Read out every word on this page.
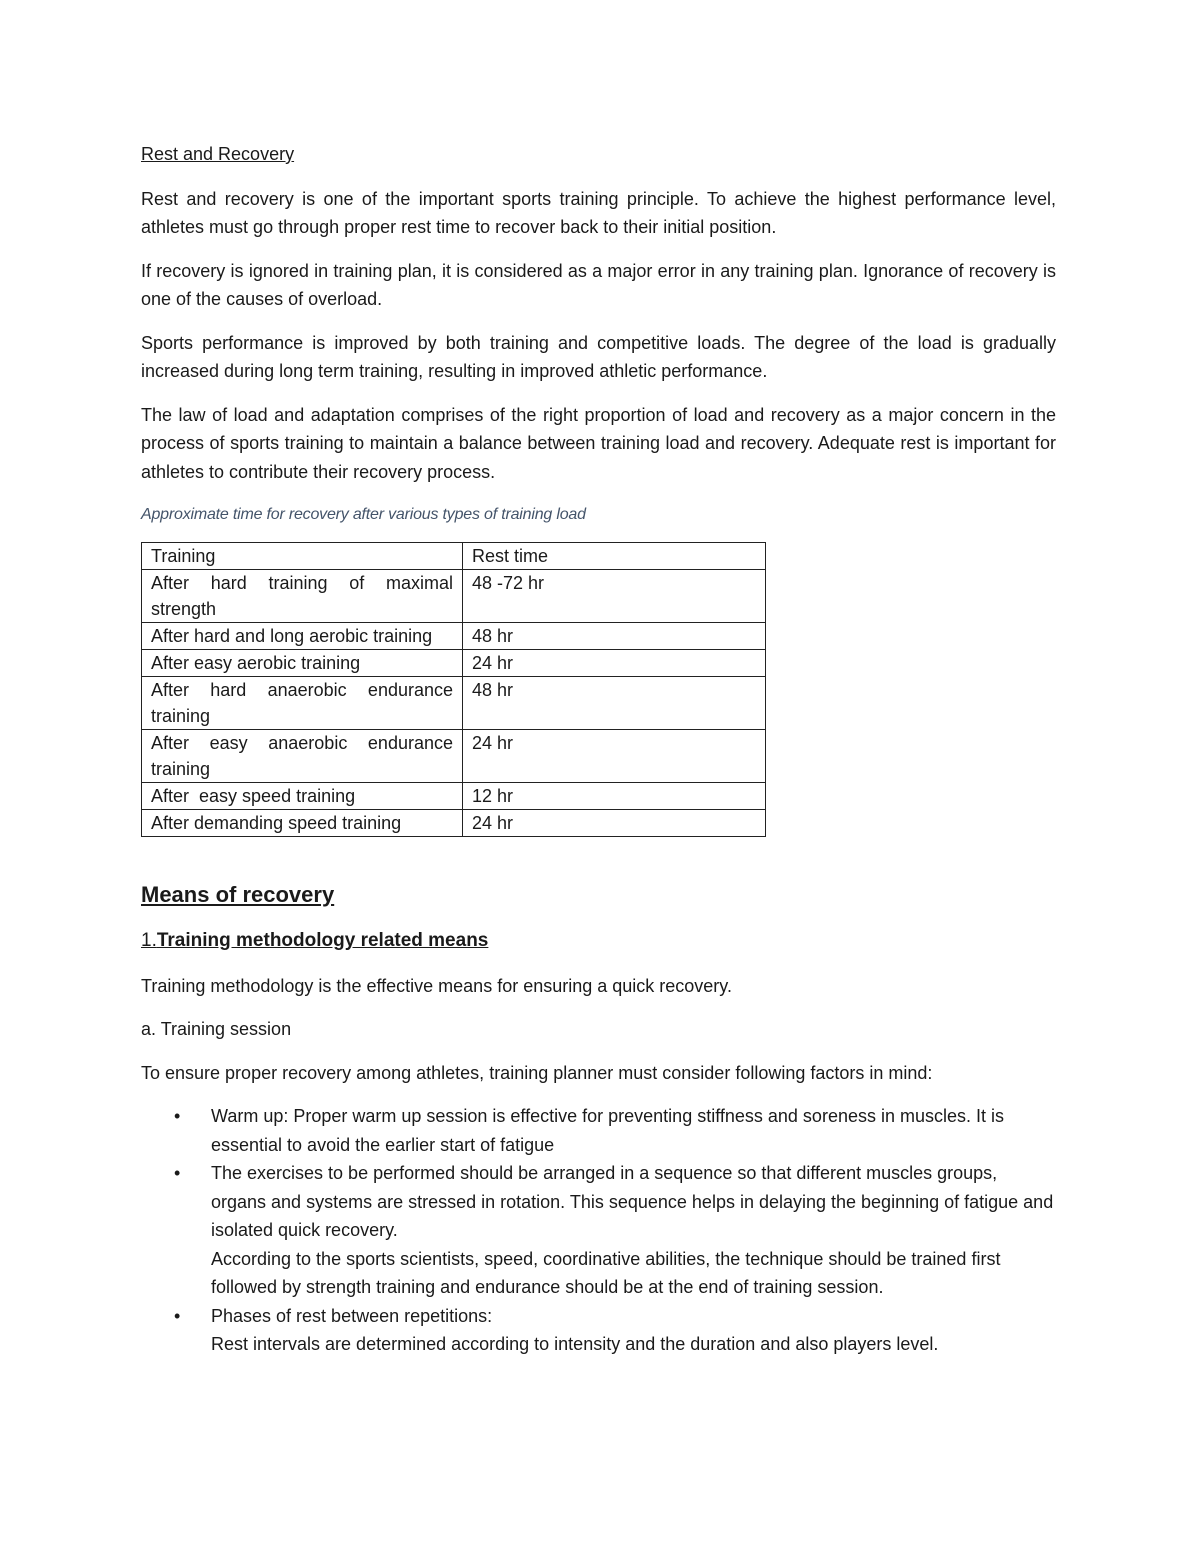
Rest and Recovery

Rest and recovery is one of the important sports training principle. To achieve the highest performance level, athletes must go through proper rest time to recover back to their initial position.

If recovery is ignored in training plan, it is considered as a major error in any training plan. Ignorance of recovery is one of the causes of overload.

Sports performance is improved by both training and competitive loads. The degree of the load is gradually increased during long term training, resulting in improved athletic performance.

The law of load and adaptation comprises of the right proportion of load and recovery as a major concern in the process of sports training to maintain a balance between training load and recovery. Adequate rest is important for athletes to contribute their recovery process.

Approximate time for recovery after various types of training load

Training	Rest time
After hard training of maximal strength	48 -72 hr
After hard and long aerobic training	48 hr
After easy aerobic training	24 hr
After hard anaerobic endurance training	48 hr
After easy anaerobic endurance training	24 hr
After  easy speed training	12 hr
After demanding speed training	24 hr

Means of recovery

1.Training methodology related means

Training methodology is the effective means for ensuring a quick recovery.

a. Training session

To ensure proper recovery among athletes, training planner must consider following factors in mind:

• Warm up: Proper warm up session is effective for preventing stiffness and soreness in muscles. It is essential to avoid the earlier start of fatigue

• The exercises to be performed should be arranged in a sequence so that different muscles groups, organs and systems are stressed in rotation. This sequence helps in delaying the beginning of fatigue and isolated quick recovery.

According to the sports scientists, speed, coordinative abilities, the technique should be trained first followed by strength training and endurance should be at the end of training session.

• Phases of rest between repetitions:

Rest intervals are determined according to intensity and the duration and also players level.
